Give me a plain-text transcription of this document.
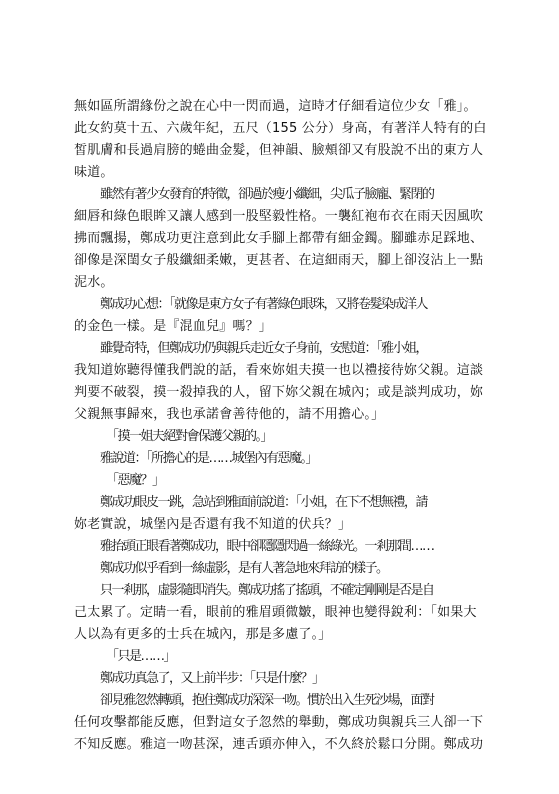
無如區所謂緣份之說在心中一閃而過，這時才仔細看這位少女「雅」。
此女約莫十五、六歲年紀，五尺（155 公分）身高，有著洋人特有的白
皙肌膚和長過肩膀的蜷曲金髮，但神韻、臉頰卻又有股說不出的東方人
味道。
雖然有著少女發育的特徵，卻過於瘦小纖細，尖瓜子臉龐、緊閉的
細唇和綠色眼眸又讓人感到一股堅毅性格。一襲紅袍布衣在雨天因風吹
拂而飄揚，鄭成功更注意到此女手腳上都帶有細金鐲。腳雖赤足踩地、
卻像是深閨女子般纖細柔嫩，更甚者、在這細雨天，腳上卻沒沾上一點
泥水。
鄭成功心想：「就像是東方女子有著綠色眼珠，又將卷髮染成洋人
的金色一樣。是『混血兒』嗎？」
雖覺奇特，但鄭成功仍與親兵走近女子身前，安慰道：「雅小姐，
我知道妳聽得懂我們說的話，看來妳姐夫摸一也以禮接待妳父親。這談
判要不破裂，摸一殺掉我的人，留下妳父親在城內；或是談判成功，妳
父親無事歸來，我也承諾會善待他的，請不用擔心。」
「摸一姐夫絕對會保護父親的。」
雅說道：「所擔心的是……城堡內有惡魔。」
「惡魔？」
鄭成功眼皮一跳，急站到雅面前說道：「小姐，在下不想無禮，請
妳老實說，城堡內是否還有我不知道的伏兵？」
雅抬頭正眼看著鄭成功，眼中卻隱隱閃過一絲綠光。一剎那間……
鄭成功似乎看到一絲虛影，是有人著急地來拜訪的樣子。
只一剎那，虛影隨即消失。鄭成功搖了搖頭，不確定剛剛是否是自
己太累了。定睛一看，眼前的雅眉頭微皺，眼神也變得銳利：「如果大
人以為有更多的士兵在城內，那是多慮了。」
「只是……」
鄭成功真急了，又上前半步：「只是什麼？」
卻見雅忽然轉頭，抱住鄭成功深深一吻。慣於出入生死沙場，面對
任何攻擊都能反應，但對這女子忽然的舉動，鄭成功與親兵三人卻一下
不知反應。雅這一吻甚深，連舌頭亦伸入，不久終於鬆口分開。鄭成功
